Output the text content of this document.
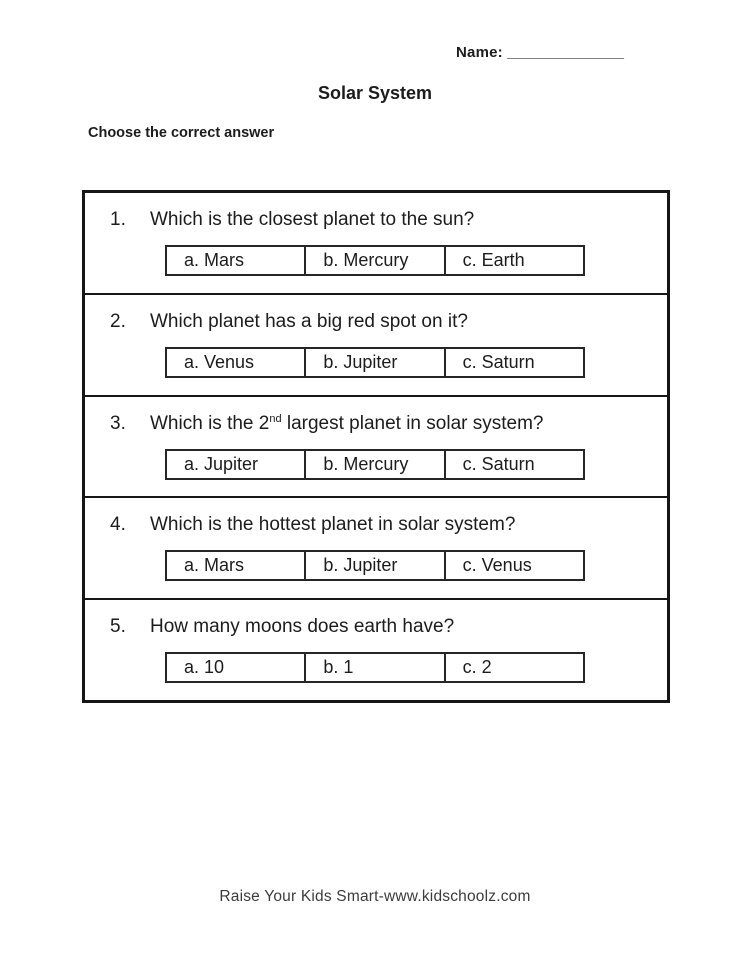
Name: ______________
Solar System
Choose the correct answer
1. Which is the closest planet to the sun?
a. Mars	b. Mercury	c. Earth
2. Which planet has a big red spot on it?
a. Venus	b. Jupiter	c. Saturn
3. Which is the 2nd largest planet in solar system?
a. Jupiter	b. Mercury	c. Saturn
4. Which is the hottest planet in solar system?
a. Mars	b. Jupiter	c. Venus
5. How many moons does earth have?
a. 10	b. 1	c. 2
Raise Your Kids Smart-www.kidschoolz.com
